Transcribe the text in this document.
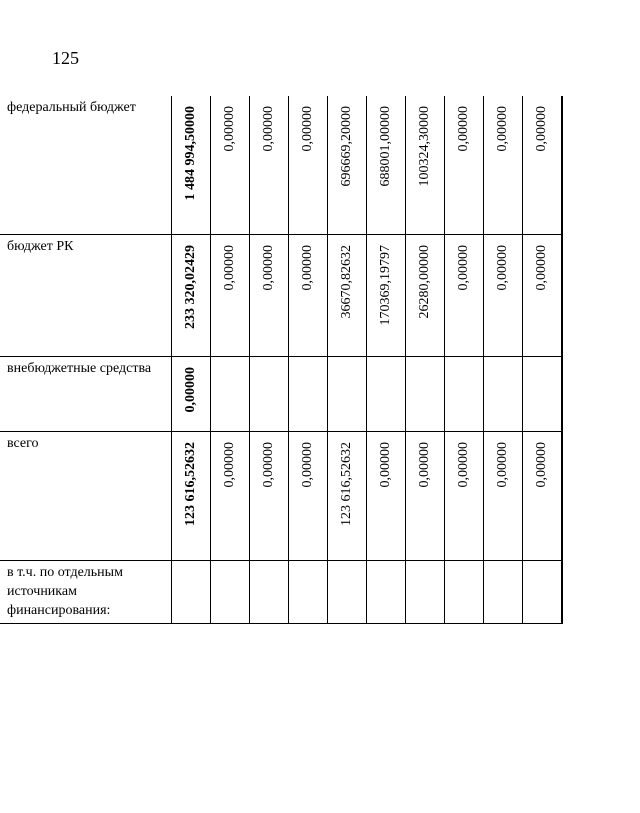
125
федеральный бюджет	1 484 994,50000	0,00000	0,00000	0,00000	696669,20000	688001,00000	100324,30000	0,00000	0,00000	0,00000

бюджет РК	233 320,02429	0,00000	0,00000	0,00000	36670,82632	170369,19797	26280,00000	0,00000	0,00000	0,00000

внебюджетные средства	0,00000										

всего	123 616,52632	0,00000	0,00000	0,00000	123 616,52632	0,00000	0,00000	0,00000	0,00000	0,00000

в т.ч. по отдельным источникам финансирования:	
